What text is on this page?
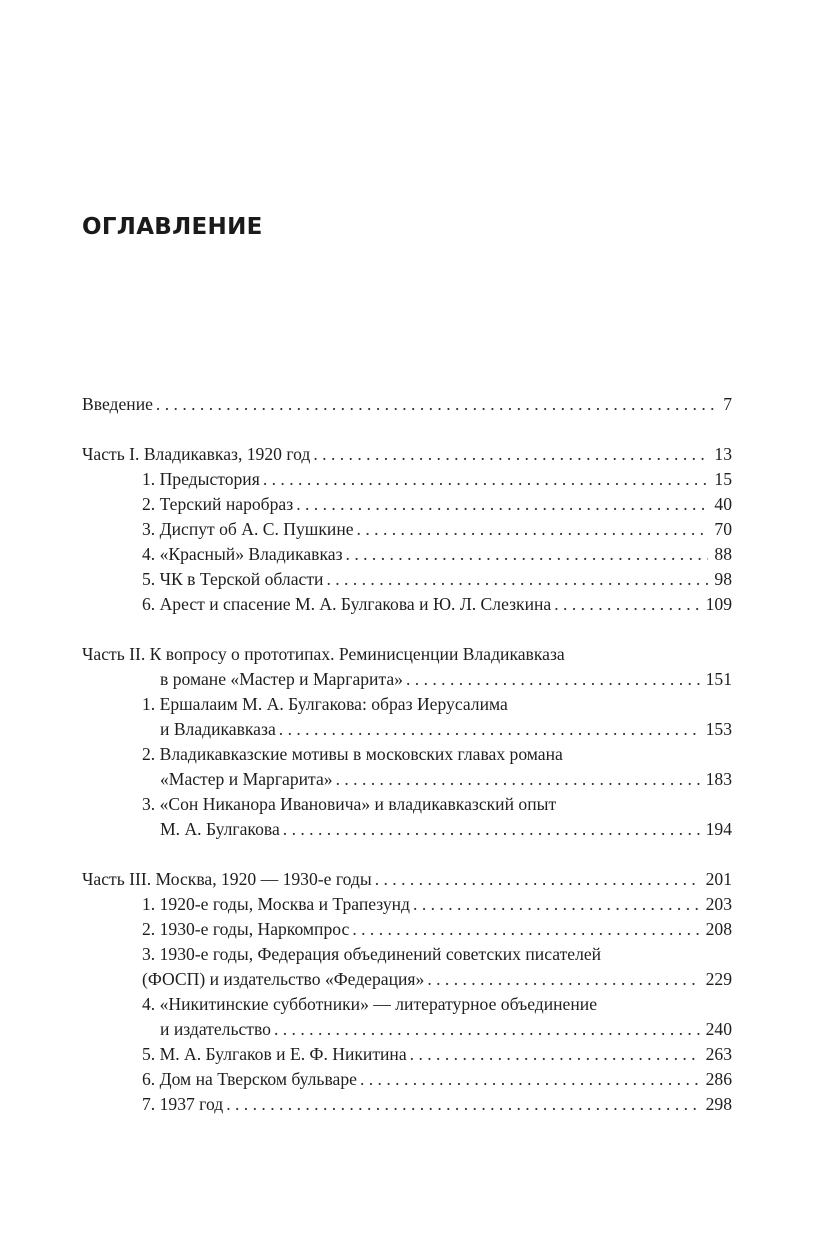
ОГЛАВЛЕНИЕ
Введение . . .	7
Часть I. Владикавказ, 1920 год . . .	13
1. Предыстория . . .	15
2. Терский наробраз . . .	40
3. Диспут об А. С. Пушкине . . .	70
4. «Красный» Владикавказ . . .	88
5. ЧК в Терской области . . .	98
6. Арест и спасение М. А. Булгакова и Ю. Л. Слезкина . . .	109
Часть II. К вопросу о прототипах. Реминисценции Владикавказа
в романе «Мастер и Маргарита» . . .	151
1. Ершалаим М. А. Булгакова: образ Иерусалима
и Владикавказа . . .	153
2. Владикавказские мотивы в московских главах романа
«Мастер и Маргарита» . . .	183
3. «Сон Никанора Ивановича» и владикавказский опыт
М. А. Булгакова . . .	194
Часть III. Москва, 1920 — 1930-е годы . . .	201
1. 1920-е годы, Москва и Трапезунд . . .	203
2. 1930-е годы, Наркомпрос . . .	208
3. 1930-е годы, Федерация объединений советских писателей
(ФОСП) и издательство «Федерация» . . .	229
4. «Никитинские субботники» — литературное объединение
и издательство . . .	240
5. М. А. Булгаков и Е. Ф. Никитина . . .	263
6. Дом на Тверском бульваре . . .	286
7. 1937 год . . .	298
